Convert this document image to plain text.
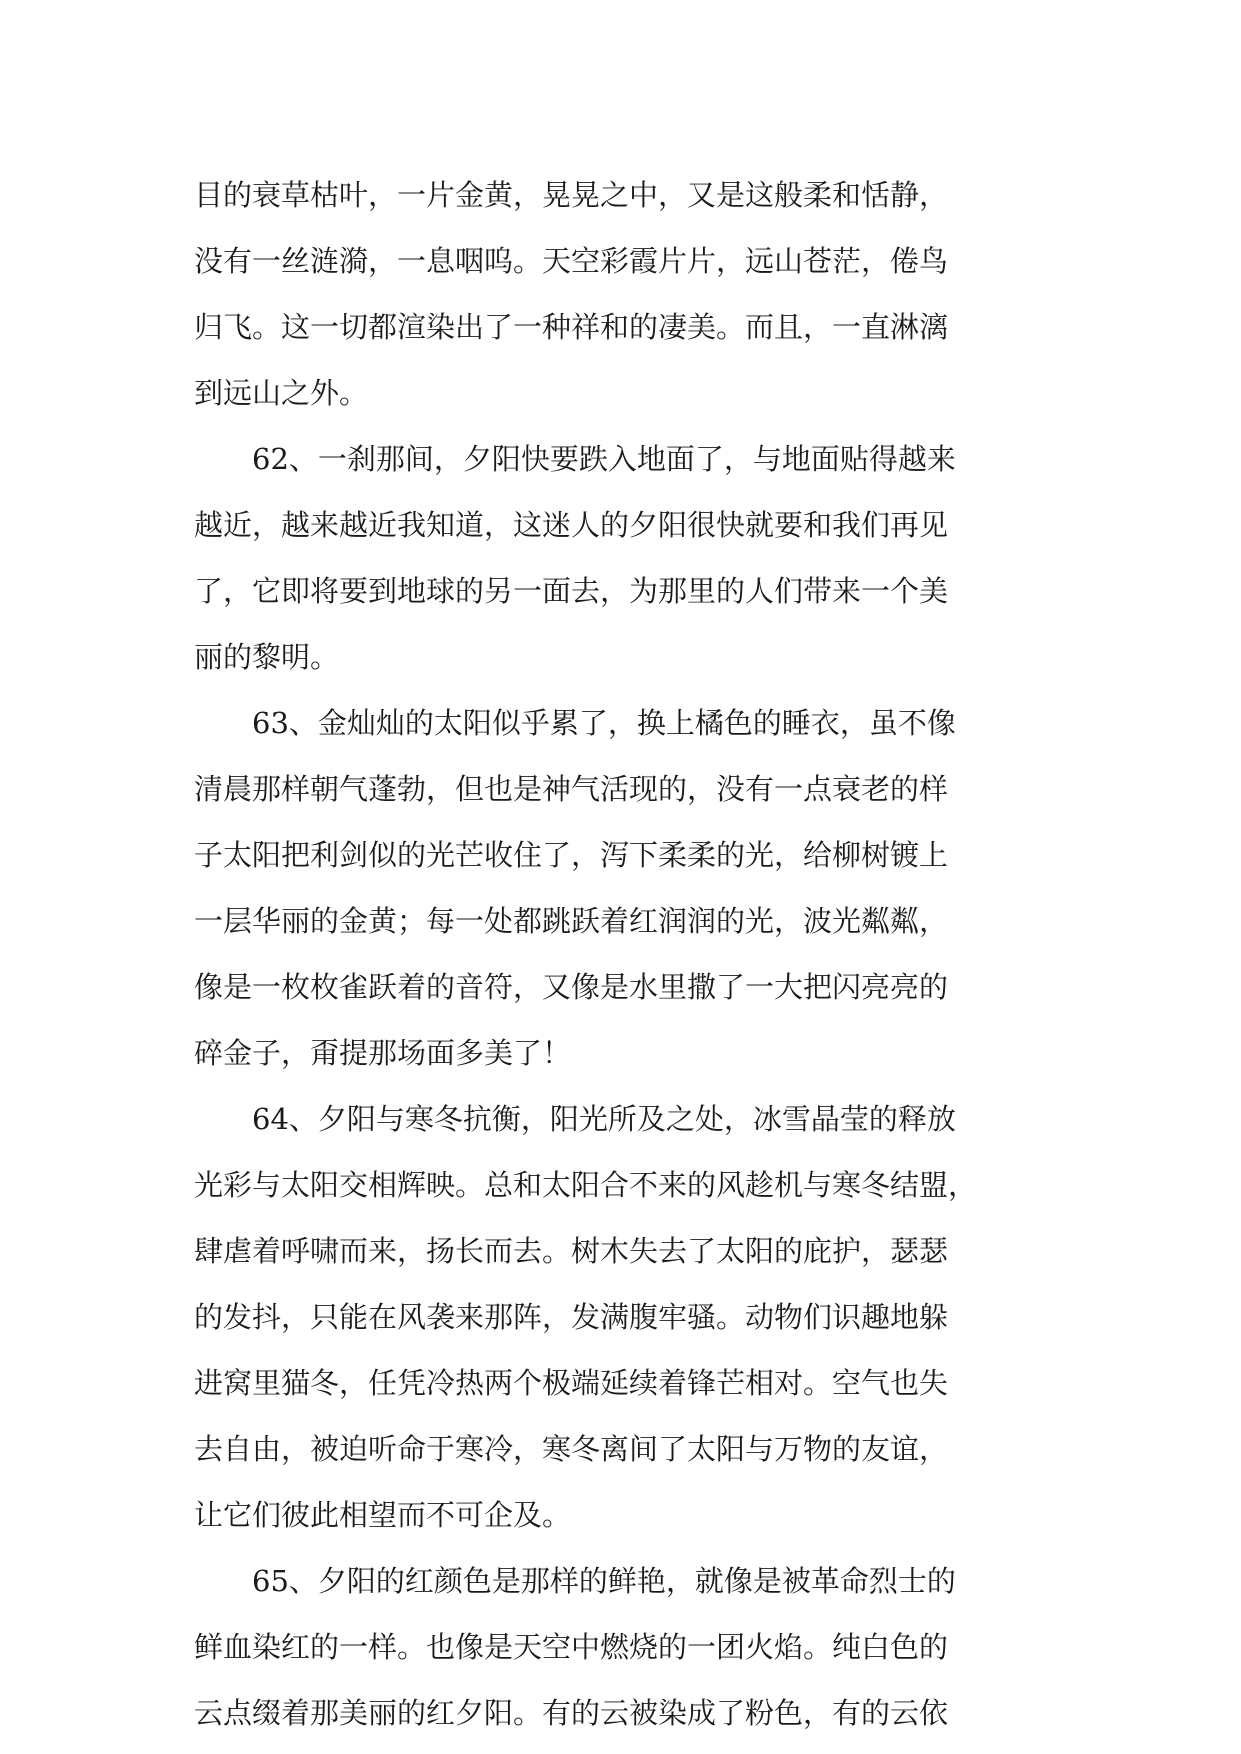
目的衰草枯叶，一片金黄，晃晃之中，又是这般柔和恬静，
没有一丝涟漪，一息咽呜。天空彩霞片片，远山苍茫，倦鸟
归飞。这一切都渲染出了一种祥和的凄美。而且，一直淋漓
到远山之外。
62、一刹那间，夕阳快要跌入地面了，与地面贴得越来
越近，越来越近我知道，这迷人的夕阳很快就要和我们再见
了，它即将要到地球的另一面去，为那里的人们带来一个美
丽的黎明。
63、金灿灿的太阳似乎累了，换上橘色的睡衣，虽不像
清晨那样朝气蓬勃，但也是神气活现的，没有一点衰老的样
子太阳把利剑似的光芒收住了，泻下柔柔的光，给柳树镀上
一层华丽的金黄；每一处都跳跃着红润润的光，波光粼粼，
像是一枚枚雀跃着的音符，又像是水里撒了一大把闪亮亮的
碎金子，甭提那场面多美了！
64、夕阳与寒冬抗衡，阳光所及之处，冰雪晶莹的释放
光彩与太阳交相辉映。总和太阳合不来的风趁机与寒冬结盟，
肆虐着呼啸而来，扬长而去。树木失去了太阳的庇护，瑟瑟
的发抖，只能在风袭来那阵，发满腹牢骚。动物们识趣地躲
进窝里猫冬，任凭冷热两个极端延续着锋芒相对。空气也失
去自由，被迫听命于寒冷，寒冬离间了太阳与万物的友谊，
让它们彼此相望而不可企及。
65、夕阳的红颜色是那样的鲜艳，就像是被革命烈士的
鲜血染红的一样。也像是天空中燃烧的一团火焰。纯白色的
云点缀着那美丽的红夕阳。有的云被染成了粉色，有的云依
